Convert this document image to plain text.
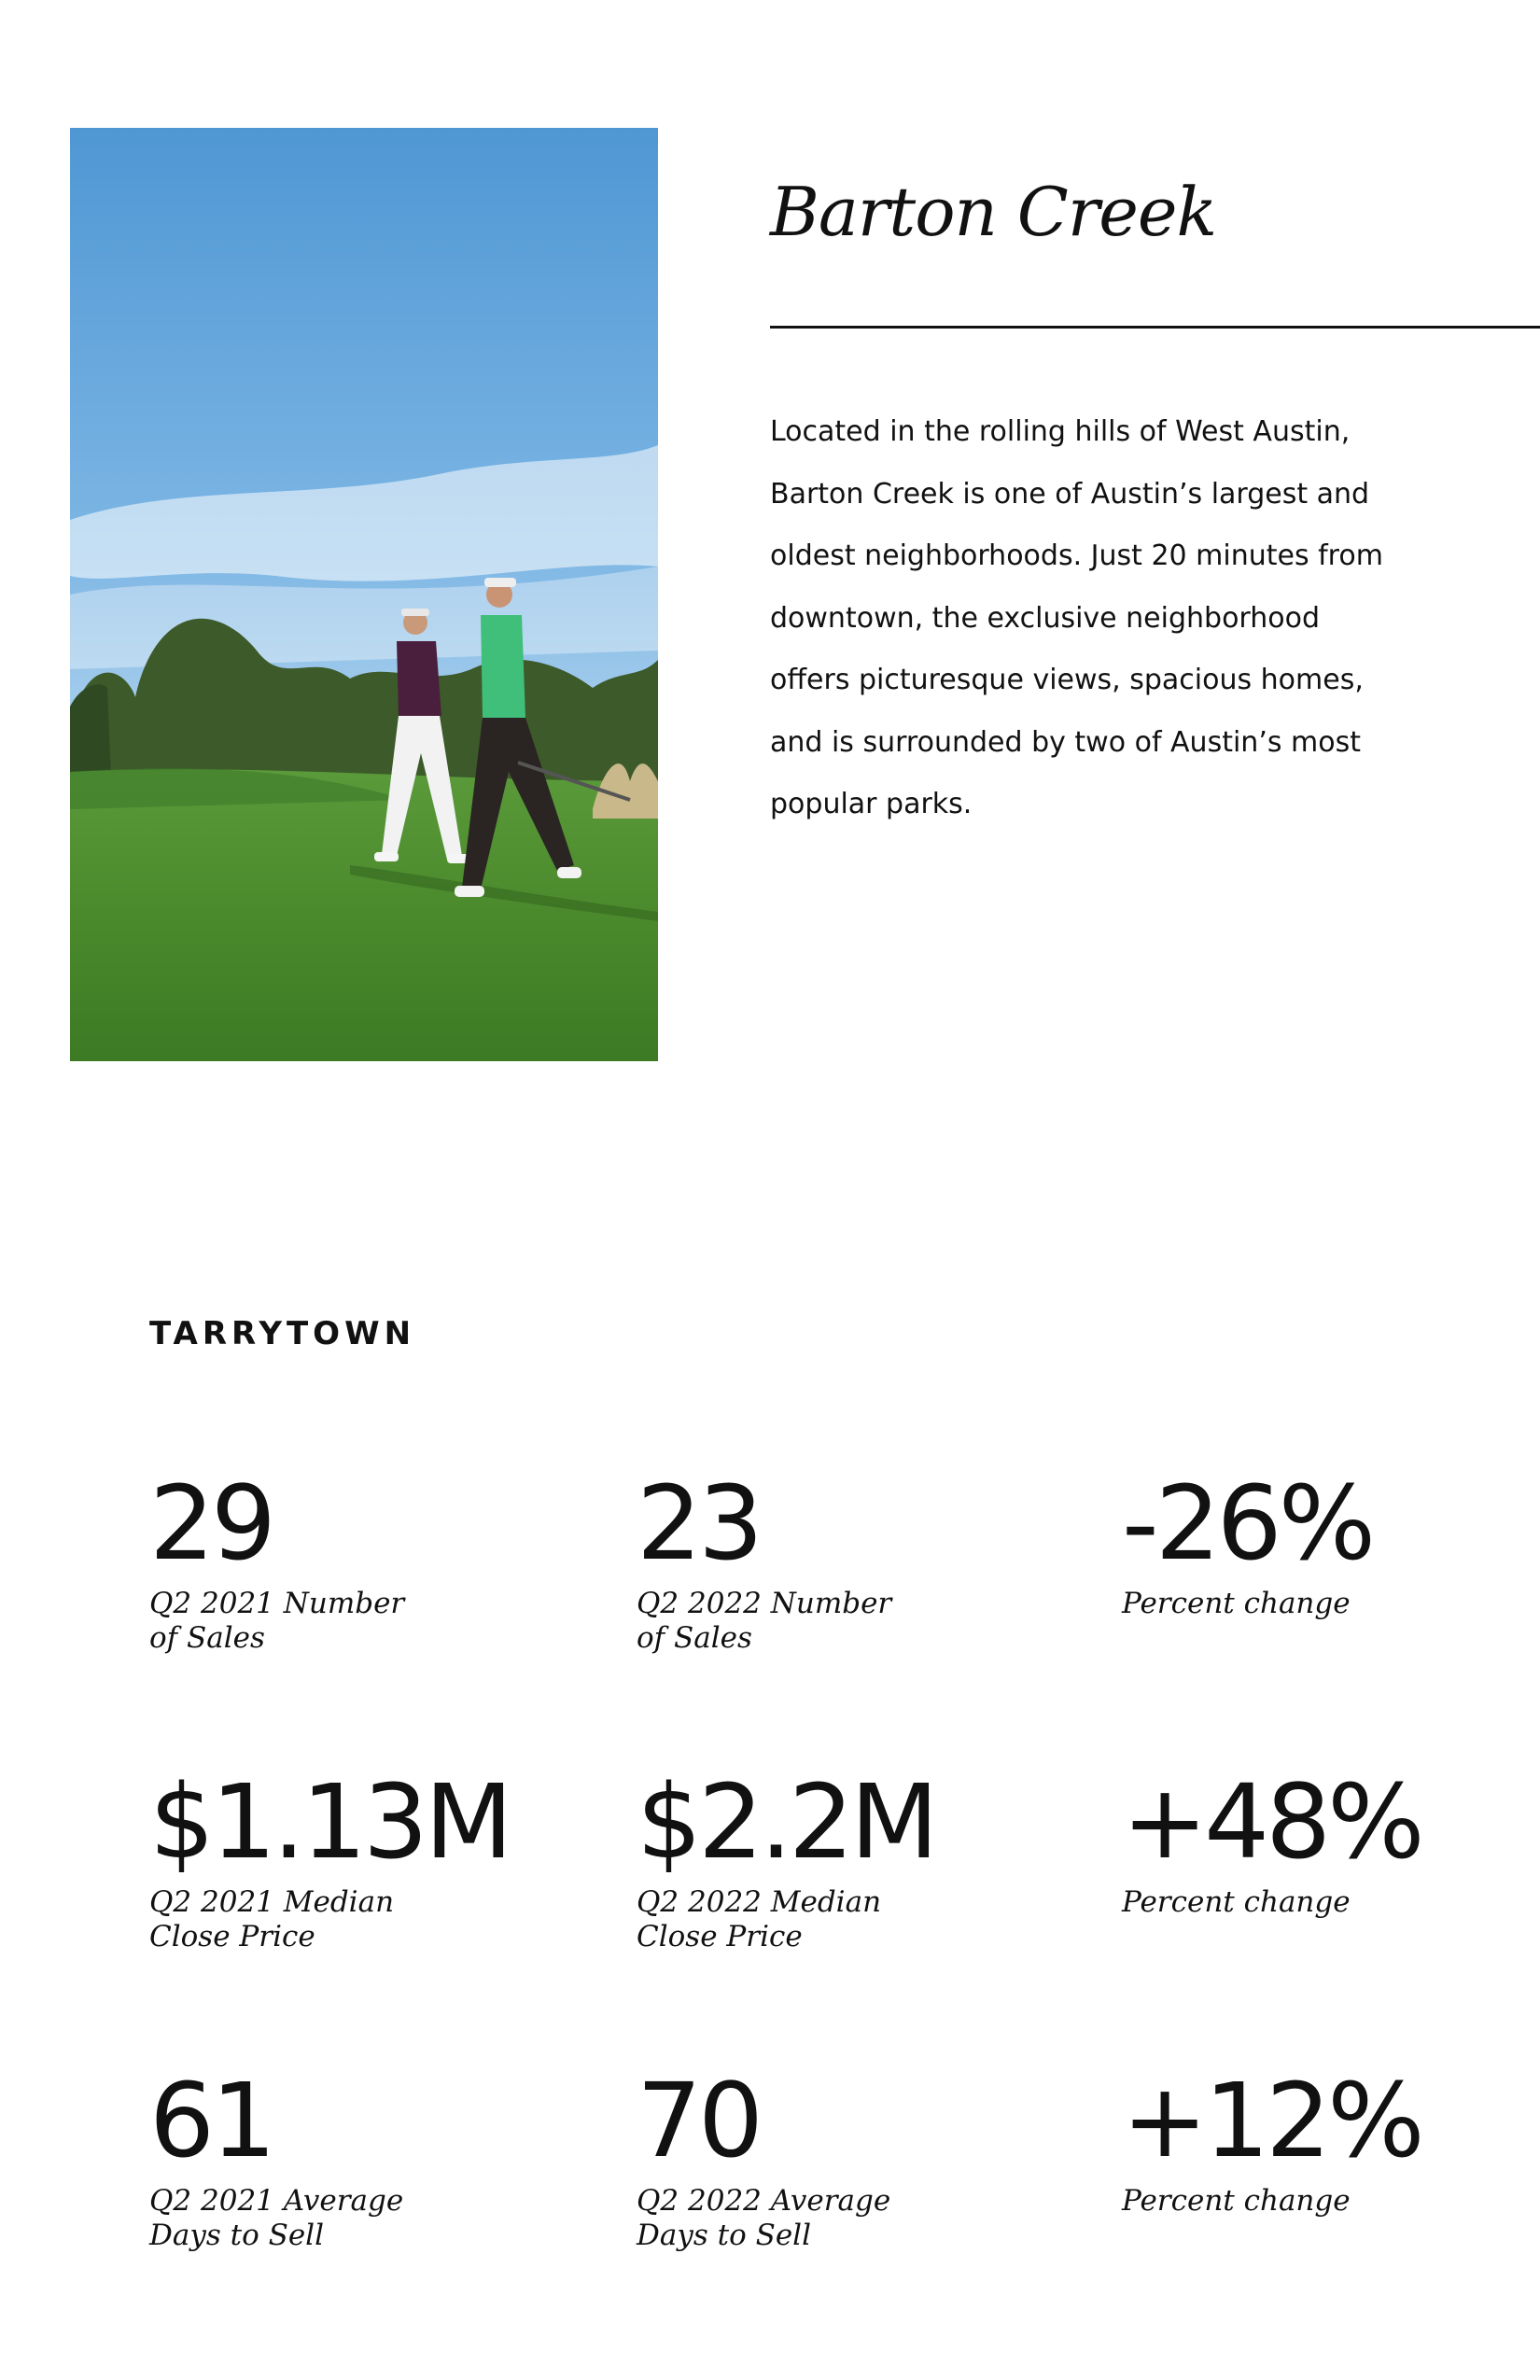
Barton Creek

Located in the rolling hills of West Austin,
Barton Creek is one of Austin’s largest and
oldest neighborhoods. Just 20 minutes from
downtown, the exclusive neighborhood
offers picturesque views, spacious homes,
and is surrounded by two of Austin’s most
popular parks.

TARRYTOWN
29
Q2 2021 Number
of Sales
23
Q2 2022 Number
of Sales
-26%
Percent change
$1.13M
Q2 2021 Median
Close Price
$2.2M
Q2 2022 Median
Close Price
+48%
Percent change
61
Q2 2021 Average
Days to Sell
70
Q2 2022 Average
Days to Sell
+12%
Percent change
